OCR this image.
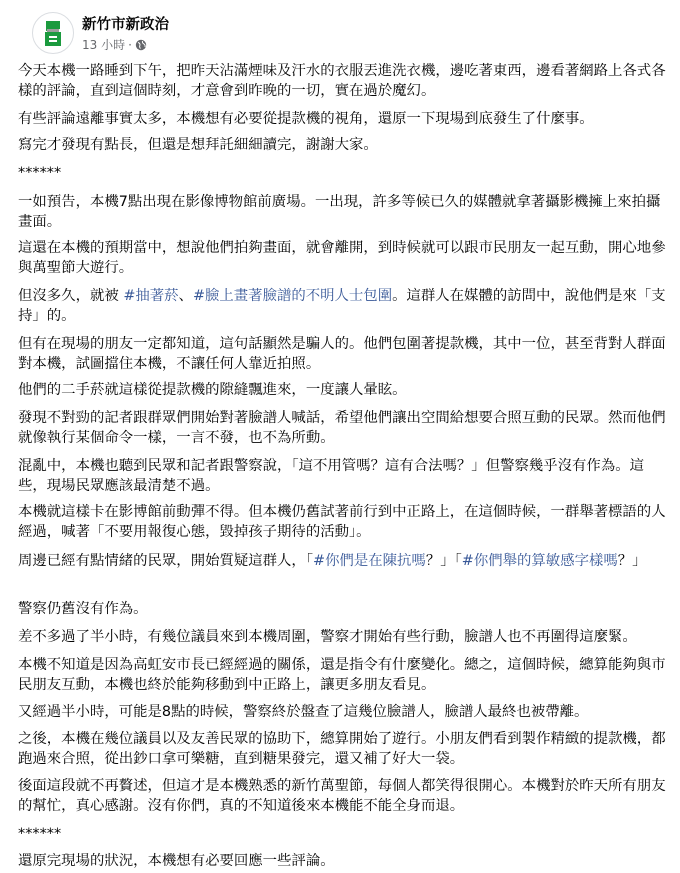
新竹市新政治
13 小時 ·

今天本機一路睡到下午，把昨天沾滿煙味及汗水的衣服丟進洗衣機，邊吃著東西，邊看著網路上各式各樣的評論，直到這個時刻，才意會到昨晚的一切，實在過於魔幻。

有些評論遠離事實太多，本機想有必要從提款機的視角，還原一下現場到底發生了什麼事。

寫完才發現有點長，但還是想拜託細細讀完，謝謝大家。

******

一如預告，本機7點出現在影像博物館前廣場。一出現，許多等候已久的媒體就拿著攝影機擁上來拍攝畫面。

這還在本機的預期當中，想說他們拍夠畫面，就會離開，到時候就可以跟市民朋友一起互動，開心地參與萬聖節大遊行。

但沒多久，就被 #抽著菸、#臉上畫著臉譜的不明人士包圍。這群人在媒體的訪問中，說他們是來「支持」的。

但有在現場的朋友一定都知道，這句話顯然是騙人的。他們包圍著提款機，其中一位，甚至背對人群面對本機，試圖擋住本機，不讓任何人靠近拍照。

他們的二手菸就這樣從提款機的隙縫飄進來，一度讓人暈眩。

發現不對勁的記者跟群眾們開始對著臉譜人喊話，希望他們讓出空間給想要合照互動的民眾。然而他們就像執行某個命令一樣，一言不發，也不為所動。

混亂中，本機也聽到民眾和記者跟警察說，「這不用管嗎？這有合法嗎？」但警察幾乎沒有作為。這些，現場民眾應該最清楚不過。

本機就這樣卡在影博館前動彈不得。但本機仍舊試著前行到中正路上，在這個時候，一群舉著標語的人經過，喊著「不要用報復心態，毀掉孩子期待的活動」。

周邊已經有點情緒的民眾，開始質疑這群人，「#你們是在陳抗嗎？」「#你們舉的算敏感字樣嗎？」

警察仍舊沒有作為。

差不多過了半小時，有幾位議員來到本機周圍，警察才開始有些行動，臉譜人也不再圍得這麼緊。

本機不知道是因為高虹安市長已經經過的關係，還是指令有什麼變化。總之，這個時候，總算能夠與市民朋友互動，本機也終於能夠移動到中正路上，讓更多朋友看見。

又經過半小時，可能是8點的時候，警察終於盤查了這幾位臉譜人，臉譜人最終也被帶離。

之後，本機在幾位議員以及友善民眾的協助下，總算開始了遊行。小朋友們看到製作精緻的提款機，都跑過來合照，從出鈔口拿可樂糖，直到糖果發完，還又補了好大一袋。

後面這段就不再贅述，但這才是本機熟悉的新竹萬聖節，每個人都笑得很開心。本機對於昨天所有朋友的幫忙，真心感謝。沒有你們，真的不知道後來本機能不能全身而退。

******

還原完現場的狀況，本機想有必要回應一些評論。
